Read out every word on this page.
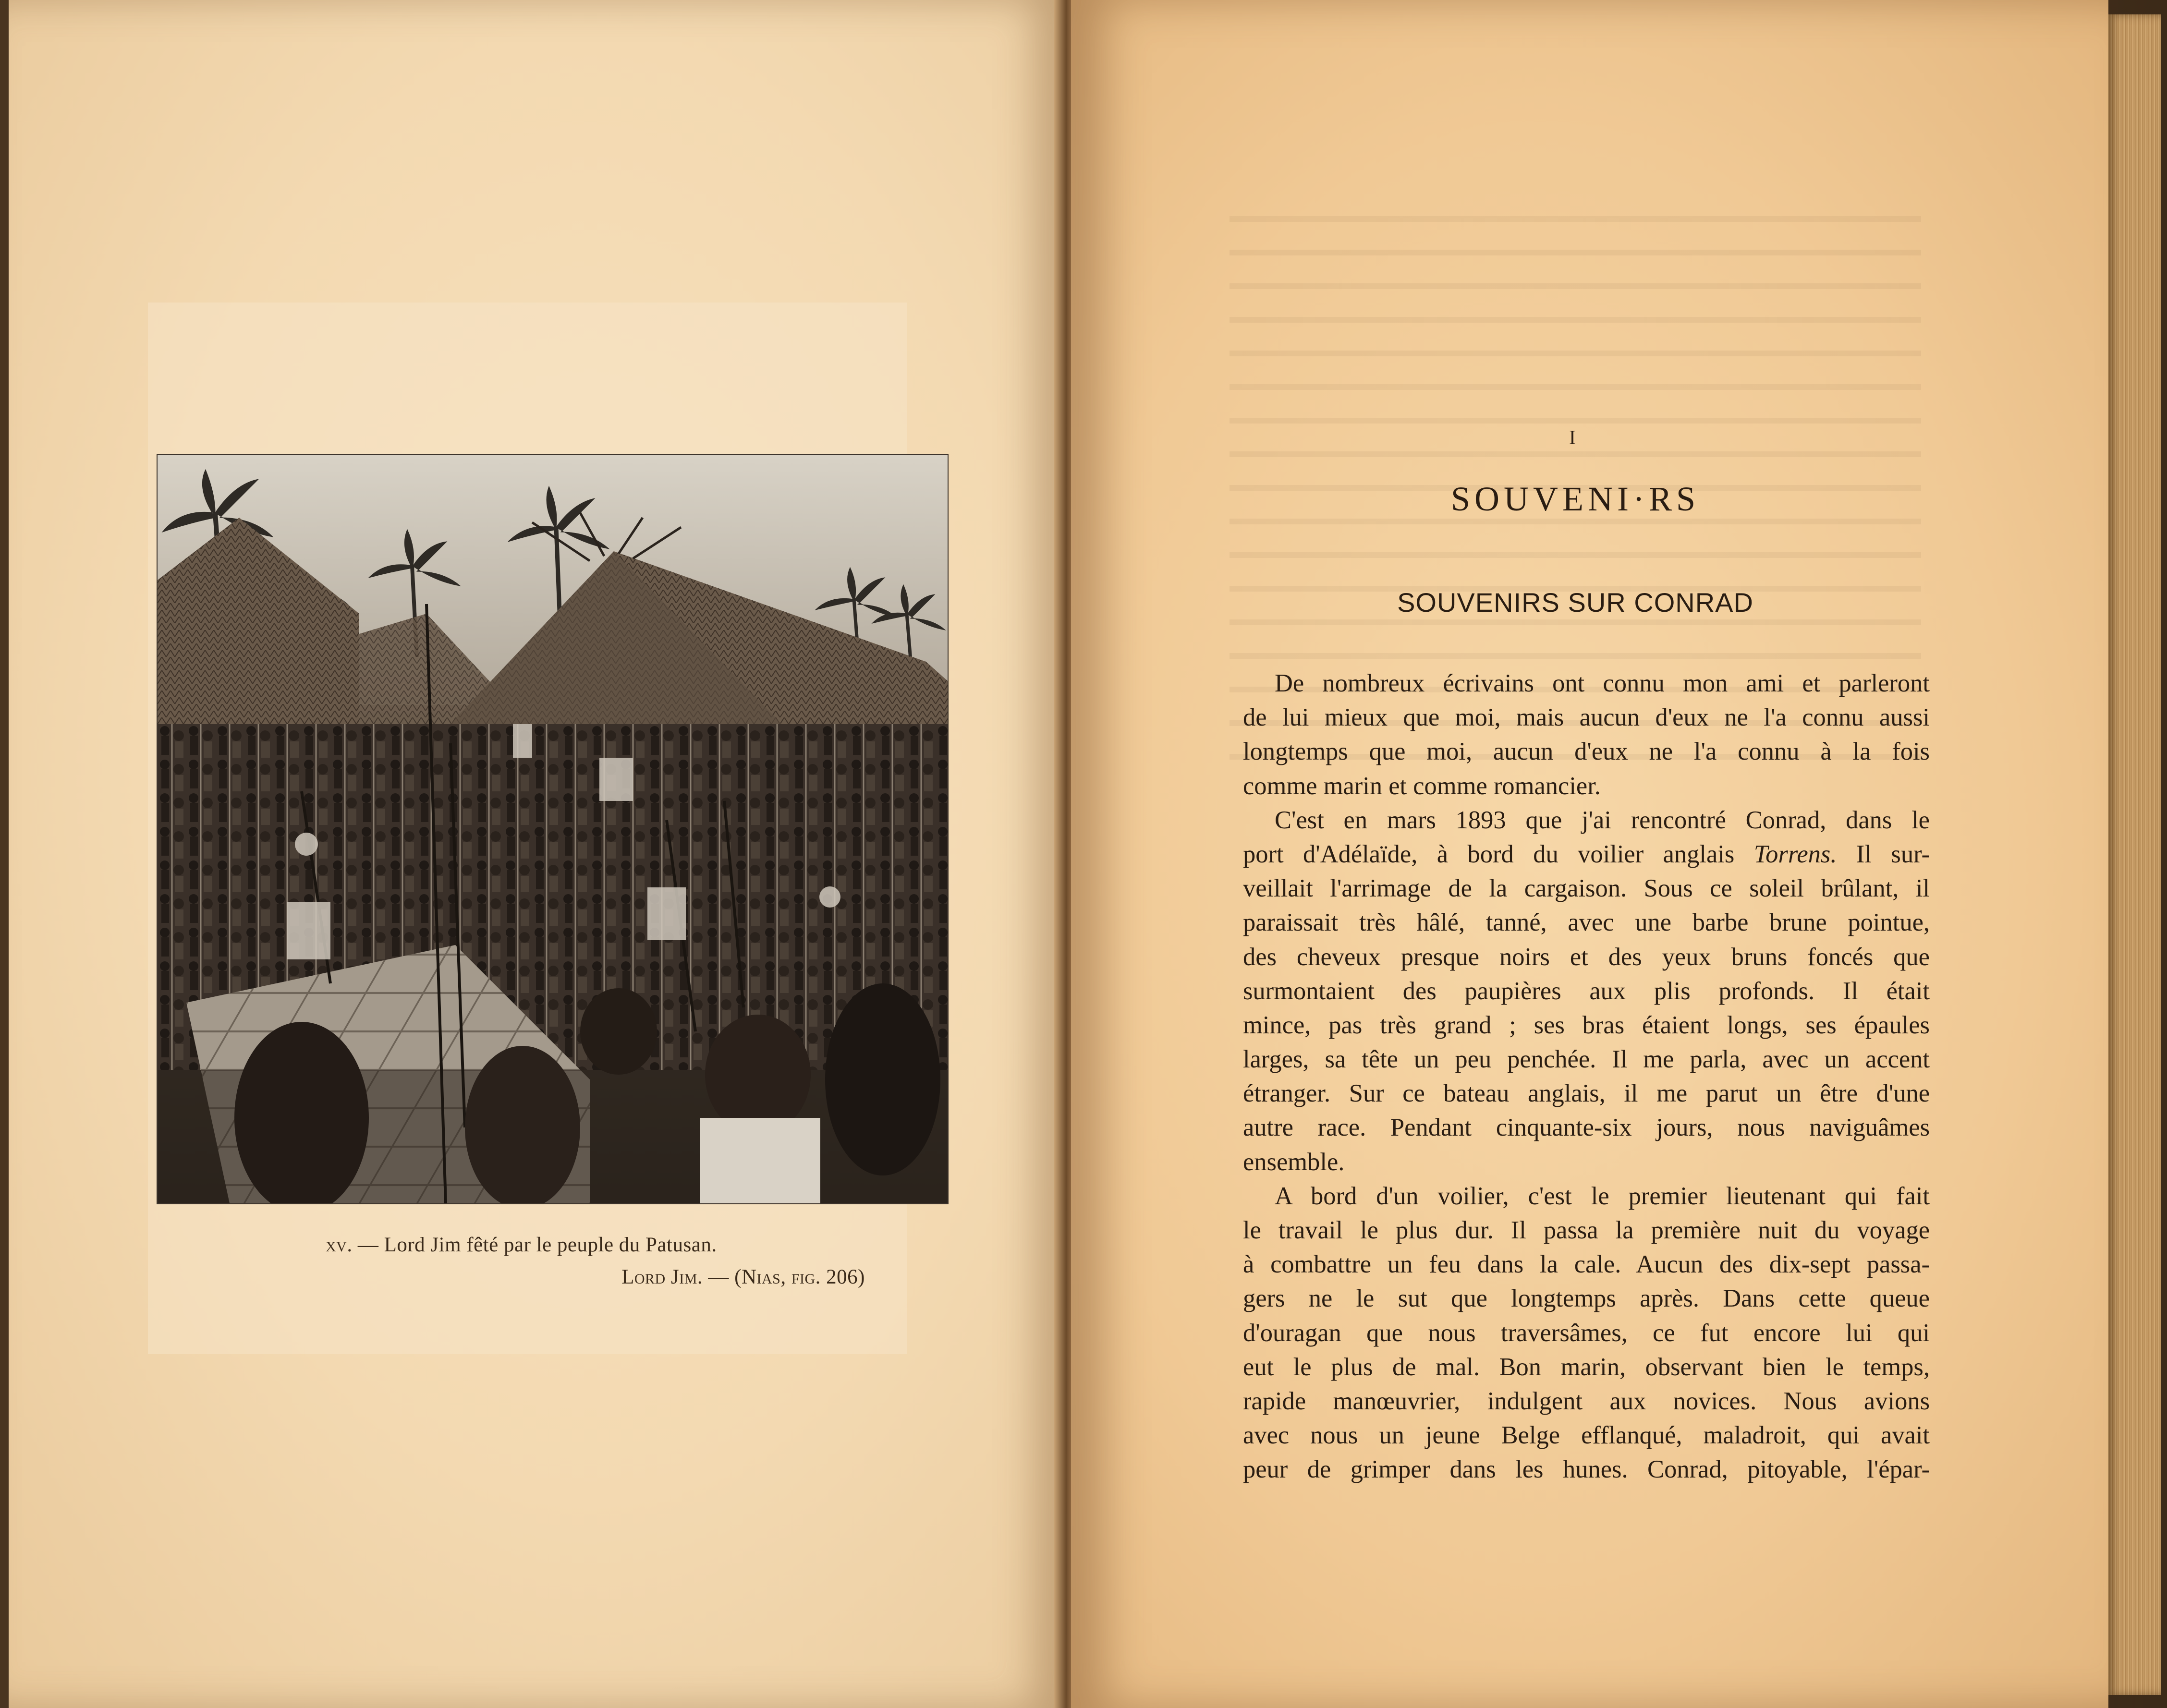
xv. — Lord Jim fêté par le peuple du Patusan.
Lord Jim. — (Nias, fig. 206)
I
SOUVENI·RS
SOUVENIRS SUR CONRAD
De nombreux écrivains ont connu mon ami et parleront
de lui mieux que moi, mais aucun d'eux ne l'a connu aussi
longtemps que moi, aucun d'eux ne l'a connu à la fois
comme marin et comme romancier.
C'est en mars 1893 que j'ai rencontré Conrad, dans le
port d'Adélaïde, à bord du voilier anglais Torrens. Il sur-
veillait l'arrimage de la cargaison. Sous ce soleil brûlant, il
paraissait très hâlé, tanné, avec une barbe brune pointue,
des cheveux presque noirs et des yeux bruns foncés que
surmontaient des paupières aux plis profonds. Il était
mince, pas très grand ; ses bras étaient longs, ses épaules
larges, sa tête un peu penchée. Il me parla, avec un accent
étranger. Sur ce bateau anglais, il me parut un être d'une
autre race. Pendant cinquante-six jours, nous naviguâmes
ensemble.
A bord d'un voilier, c'est le premier lieutenant qui fait
le travail le plus dur. Il passa la première nuit du voyage
à combattre un feu dans la cale. Aucun des dix-sept passa-
gers ne le sut que longtemps après. Dans cette queue
d'ouragan que nous traversâmes, ce fut encore lui qui
eut le plus de mal. Bon marin, observant bien le temps,
rapide manœuvrier, indulgent aux novices. Nous avions
avec nous un jeune Belge efflanqué, maladroit, qui avait
peur de grimper dans les hunes. Conrad, pitoyable, l'épar-
